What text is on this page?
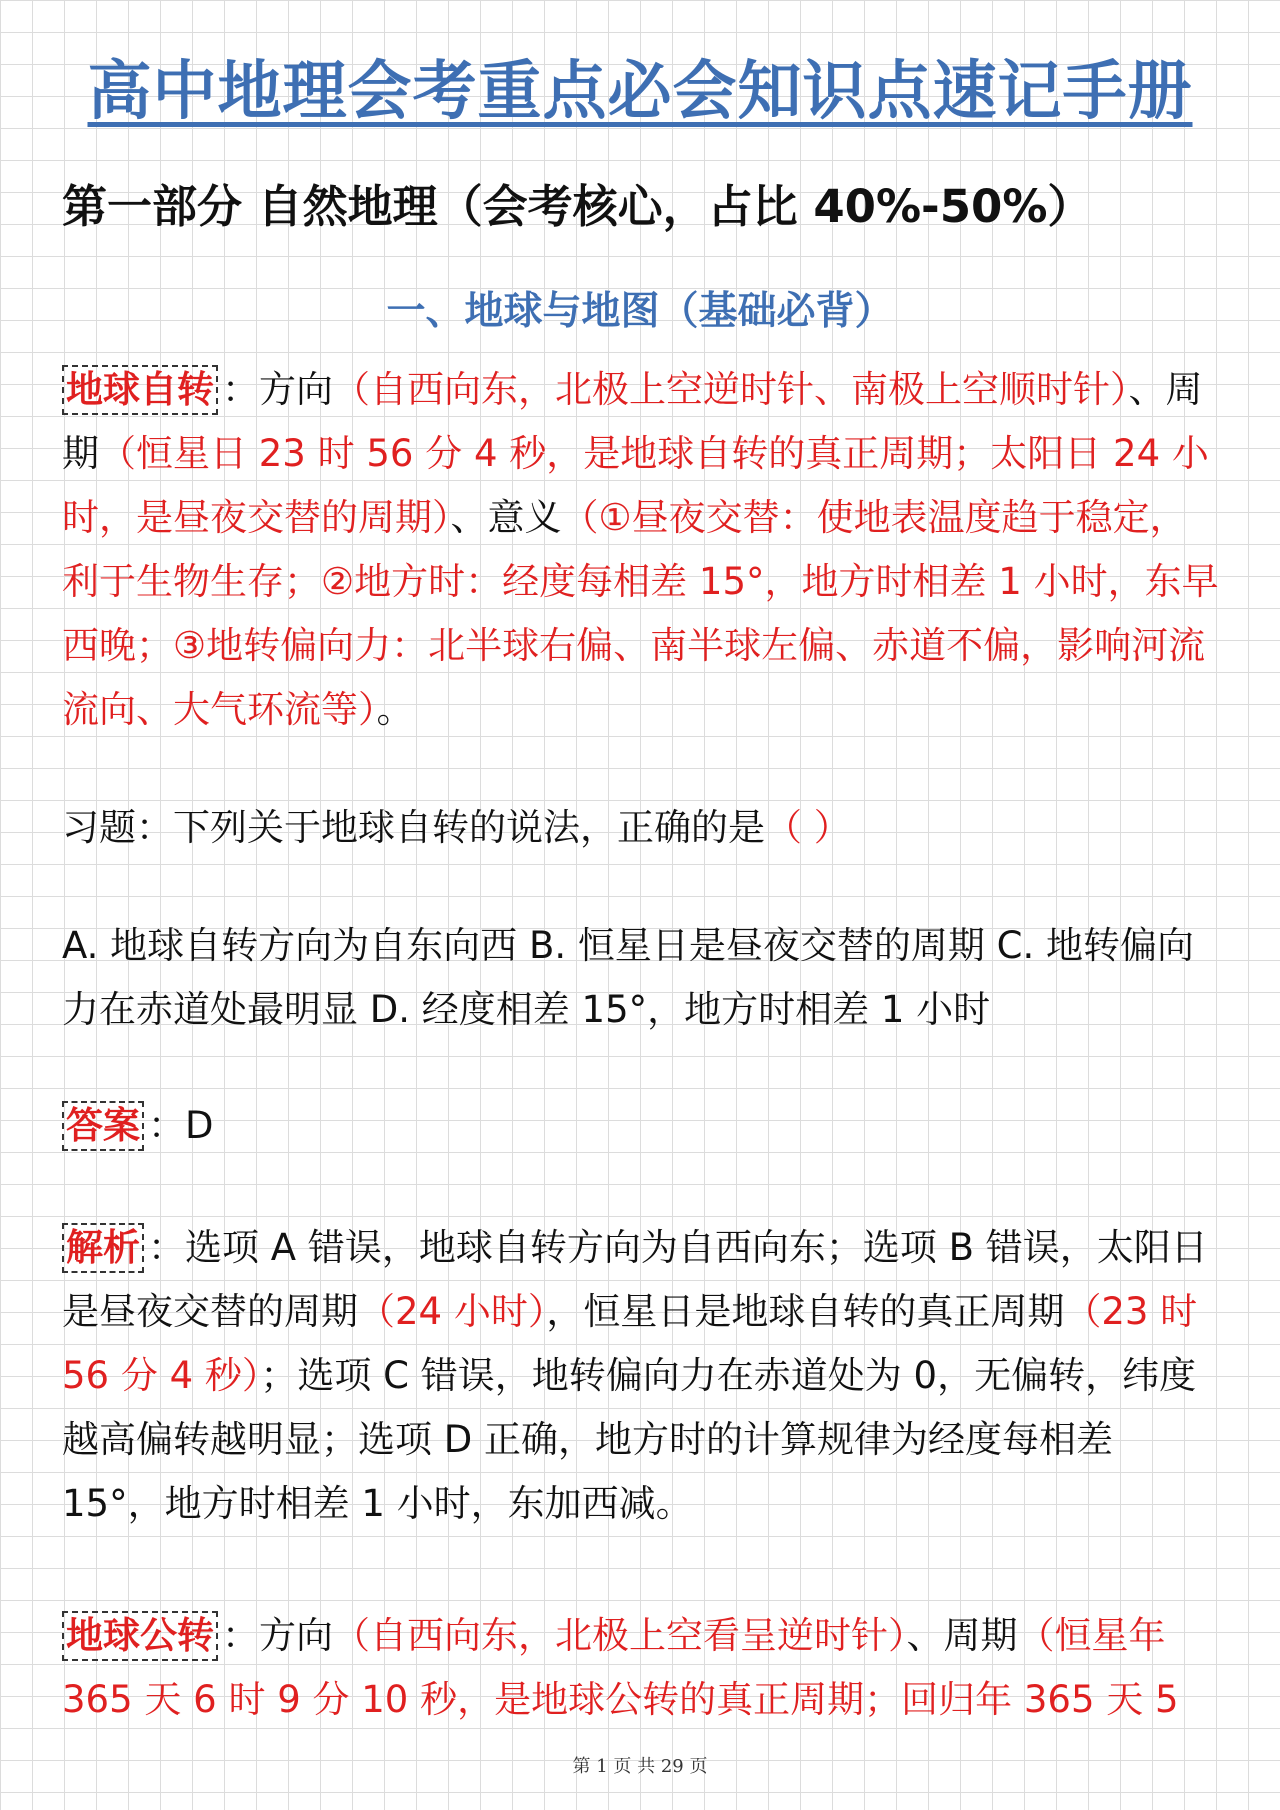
高中地理会考重点必会知识点速记手册
第一部分 自然地理（会考核心，占比 40%-50%）
一、地球与地图（基础必背）

地球自转 ：方向（自西向东，北极上空逆时针、南极上空顺时针）、周期（恒星日 23 时 56 分 4 秒，是地球自转的真正周期；太阳日 24 小时，是昼夜交替的周期）、意义（①昼夜交替：使地表温度趋于稳定，利于生物生存；②地方时：经度每相差 15°，地方时相差 1 小时，东早西晚；③地转偏向力：北半球右偏、南半球左偏、赤道不偏，影响河流流向、大气环流等）。

习题：下列关于地球自转的说法，正确的是（ ）

A. 地球自转方向为自东向西 B. 恒星日是昼夜交替的周期 C. 地转偏向力在赤道处最明显 D. 经度相差 15°，地方时相差 1 小时

答案 ：D

解析 ：选项 A 错误，地球自转方向为自西向东；选项 B 错误，太阳日是昼夜交替的周期（24 小时），恒星日是地球自转的真正周期（23 时 56 分 4 秒）；选项 C 错误，地转偏向力在赤道处为 0，无偏转，纬度越高偏转越明显；选项 D 正确，地方时的计算规律为经度每相差 15°，地方时相差 1 小时，东加西减。

地球公转 ：方向（自西向东，北极上空看呈逆时针）、周期（恒星年 365 天 6 时 9 分 10 秒，是地球公转的真正周期；回归年 365 天 5

第 1 页 共 29 页
